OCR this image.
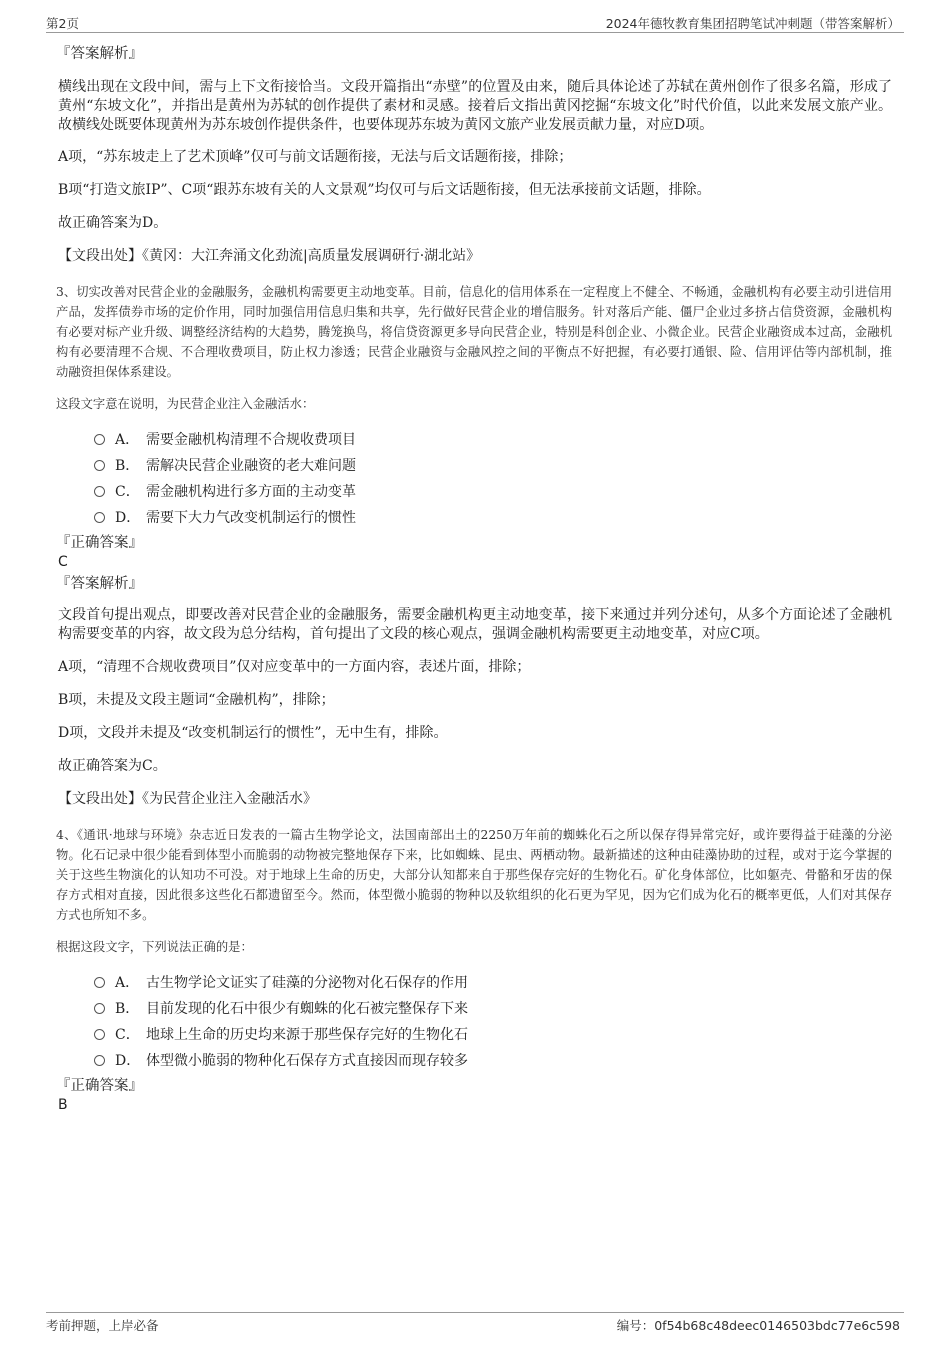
第2页	2024年德牧教育集团招聘笔试冲刺题（带答案解析）

『答案解析』

横线出现在文段中间，需与上下文衔接恰当。文段开篇指出“赤壁”的位置及由来，随后具体论述了苏轼在黄州创作了很多名篇，形成了黄州“东坡文化”，并指出是黄州为苏轼的创作提供了素材和灵感。接着后文指出黄冈挖掘“东坡文化”时代价值，以此来发展文旅产业。故横线处既要体现黄州为苏东坡创作提供条件，也要体现苏东坡为黄冈文旅产业发展贡献力量，对应D项。

A项，“苏东坡走上了艺术顶峰”仅可与前文话题衔接，无法与后文话题衔接，排除；

B项“打造文旅IP”、C项“跟苏东坡有关的人文景观”均仅可与后文话题衔接，但无法承接前文话题，排除。

故正确答案为D。

【文段出处】《黄冈：大江奔涌文化劲流|高质量发展调研行·湖北站》

3、切实改善对民营企业的金融服务，金融机构需要更主动地变革。目前，信息化的信用体系在一定程度上不健全、不畅通，金融机构有必要主动引进信用产品，发挥债券市场的定价作用，同时加强信用信息归集和共享，先行做好民营企业的增信服务。针对落后产能、僵尸企业过多挤占信贷资源，金融机构有必要对标产业升级、调整经济结构的大趋势，腾笼换鸟，将信贷资源更多导向民营企业，特别是科创企业、小微企业。民营企业融资成本过高，金融机构有必要清理不合规、不合理收费项目，防止权力渗透；民营企业融资与金融风控之间的平衡点不好把握，有必要打通银、险、信用评估等内部机制，推动融资担保体系建设。

这段文字意在说明，为民营企业注入金融活水：

A． 需要金融机构清理不合规收费项目
B． 需解决民营企业融资的老大难问题
C． 需金融机构进行多方面的主动变革
D． 需要下大力气改变机制运行的惯性

『正确答案』

C

『答案解析』

文段首句提出观点，即要改善对民营企业的金融服务，需要金融机构更主动地变革，接下来通过并列分述句，从多个方面论述了金融机构需要变革的内容，故文段为总分结构，首句提出了文段的核心观点，强调金融机构需要更主动地变革，对应C项。

A项，“清理不合规收费项目”仅对应变革中的一方面内容，表述片面，排除；

B项，未提及文段主题词“金融机构”，排除；

D项，文段并未提及“改变机制运行的惯性”，无中生有，排除。

故正确答案为C。

【文段出处】《为民营企业注入金融活水》

4、《通讯·地球与环境》杂志近日发表的一篇古生物学论文，法国南部出土的2250万年前的蜘蛛化石之所以保存得异常完好，或许要得益于硅藻的分泌物。化石记录中很少能看到体型小而脆弱的动物被完整地保存下来，比如蜘蛛、昆虫、两栖动物。最新描述的这种由硅藻协助的过程，或对于迄今掌握的关于这些生物演化的认知功不可没。对于地球上生命的历史，大部分认知都来自于那些保存完好的生物化石。矿化身体部位，比如躯壳、骨骼和牙齿的保存方式相对直接，因此很多这些化石都遗留至今。然而，体型微小脆弱的物种以及软组织的化石更为罕见，因为它们成为化石的概率更低，人们对其保存方式也所知不多。

根据这段文字，下列说法正确的是：

A． 古生物学论文证实了硅藻的分泌物对化石保存的作用
B． 目前发现的化石中很少有蜘蛛的化石被完整保存下来
C． 地球上生命的历史均来源于那些保存完好的生物化石
D． 体型微小脆弱的物种化石保存方式直接因而现存较多

『正确答案』

B

考前押题，上岸必备	编号：0f54b68c48deec0146503bdc77e6c598
